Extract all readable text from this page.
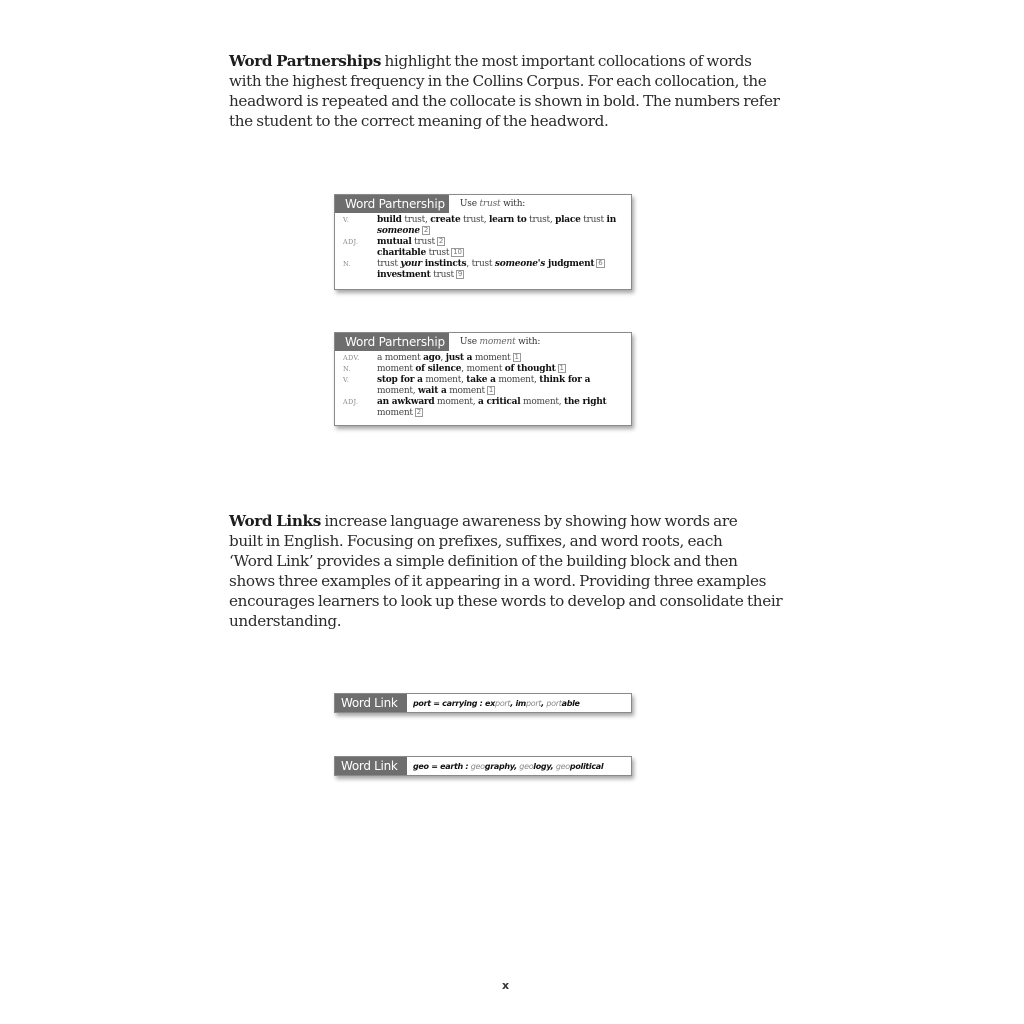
Word Partnerships highlight the most important collocations of words
with the highest frequency in the Collins Corpus. For each collocation, the
headword is repeated and the collocate is shown in bold. The numbers refer
the student to the correct meaning of the headword.
Word Partnership	Use trust with:
V.	build trust, create trust, learn to trust, place trust in
someone 2
ADJ.	mutual trust 2
charitable trust 10
N.	trust your instincts, trust someone's judgment 6
investment trust 9
Word Partnership	Use moment with:
ADV.	a moment ago, just a moment 1
N.	moment of silence, moment of thought 1
V.	stop for a moment, take a moment, think for a
moment, wait a moment 1
ADJ.	an awkward moment, a critical moment, the right
moment 2
Word Links increase language awareness by showing how words are
built in English. Focusing on prefixes, suffixes, and word roots, each
‘Word Link’ provides a simple definition of the building block and then
shows three examples of it appearing in a word. Providing three examples
encourages learners to look up these words to develop and consolidate their
understanding.
Word Link	port = carrying : export, import, portable
Word Link	geo = earth : geography, geology, geopolitical
x
